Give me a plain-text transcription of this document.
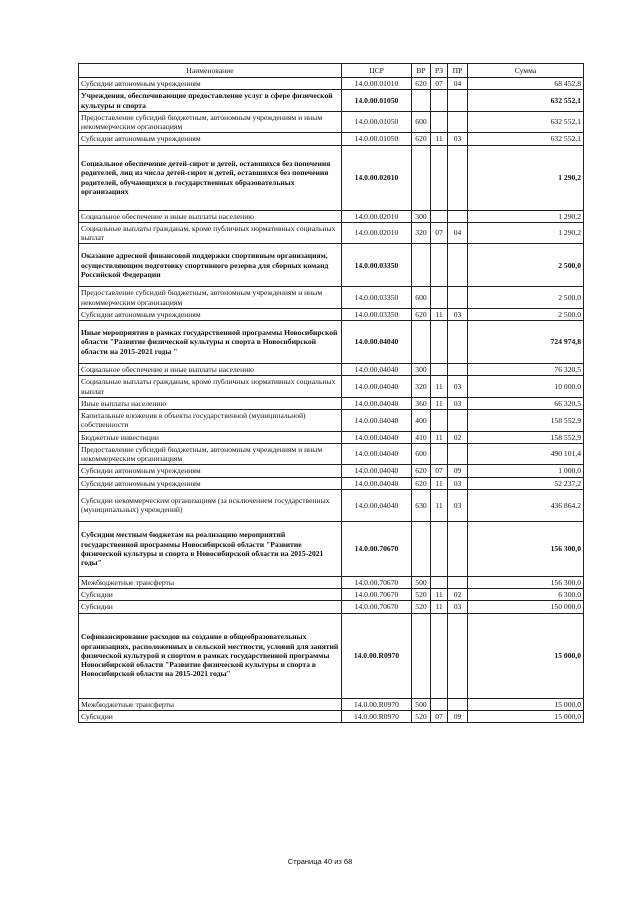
Наименование	ЦСР	ВР	РЗ	ПР	Сумма
Субсидии автономным учреждениям	14.0.00.01010	620	07	04	68 452,8
Учреждения, обеспечивающие предоставление услуг в сфере физической культуры и спорта	14.0.00.01050				632 552,1
Предоставление субсидий бюджетным, автономным учреждениям и иным некоммерческим организациям	14.0.00.01050	600			632 552,1
Субсидии автономным учреждениям	14.0.00.01050	620	11	03	632 552,1
Социальное обеспечение детей-сирот и детей, оставшихся без попечения родителей, лиц из числа детей-сирот и детей, оставшихся без попечения родителей, обучающихся в государственных образовательных организациях	14.0.00.02010				1 290,2
Социальное обеспечение и иные выплаты населению	14.0.00.02010	300			1 290,2
Социальные выплаты гражданам, кроме публичных нормативных социальных выплат	14.0.00.02010	320	07	04	1 290,2
Оказание адресной финансовой поддержки спортивным организациям, осуществляющим подготовку спортивного резерва для сборных команд Российской Федерации	14.0.00.03350				2 500,0
Предоставление субсидий бюджетным, автономным учреждениям и иным некоммерческим организациям	14.0.00.03350	600			2 500,0
Субсидии автономным учреждениям	14.0.00.03350	620	11	03	2 500,0
Иные мероприятия в рамках государственной программы Новосибирской области "Развитие физической культуры и спорта в Новосибирской области на 2015-2021 годы "	14.0.00.04040				724 974,8
Социальное обеспечение и иные выплаты населению	14.0.00.04040	300			76 320,5
Социальные выплаты гражданам, кроме публичных нормативных социальных выплат	14.0.00.04040	320	11	03	10 000,0
Иные выплаты населению	14.0.00.04040	360	11	03	66 320,5
Капитальные вложения в объекты государственной (муниципальной) собственности	14.0.00.04040	400			158 552,9
Бюджетные инвестиции	14.0.00.04040	410	11	02	158 552,9
Предоставление субсидий бюджетным, автономным учреждениям и иным некоммерческим организациям	14.0.00.04040	600			490 101,4
Субсидии автономным учреждениям	14.0.00.04040	620	07	09	1 000,0
Субсидии автономным учреждениям	14.0.00.04040	620	11	03	52 237,2
Субсидии некоммерческим организациям (за исключением государственных (муниципальных) учреждений)	14.0.00.04040	630	11	03	436 864,2
Субсидии местным бюджетам на реализацию мероприятий государственной программы Новосибирской области "Развитие физической культуры и спорта в Новосибирской области на 2015-2021 годы"	14.0.00.70670				156 300,0
Межбюджетные трансферты	14.0.00.70670	500			156 300,0
Субсидии	14.0.00.70670	520	11	02	6 300,0
Субсидии	14.0.00.70670	520	11	03	150 000,0
Софинансирование расходов на создание в общеобразовательных организациях, расположенных в сельской местности, условий для занятий физической культурой и спортом в рамках государственной программы Новосибирской области "Развитие физической культуры и спорта в Новосибирской области на 2015-2021 годы"	14.0.00.R0970				15 000,0
Межбюджетные трансферты	14.0.00.R0970	500			15 000,0
Субсидии	14.0.00.R0970	520	07	09	15 000,0
Страница 40 из 68
